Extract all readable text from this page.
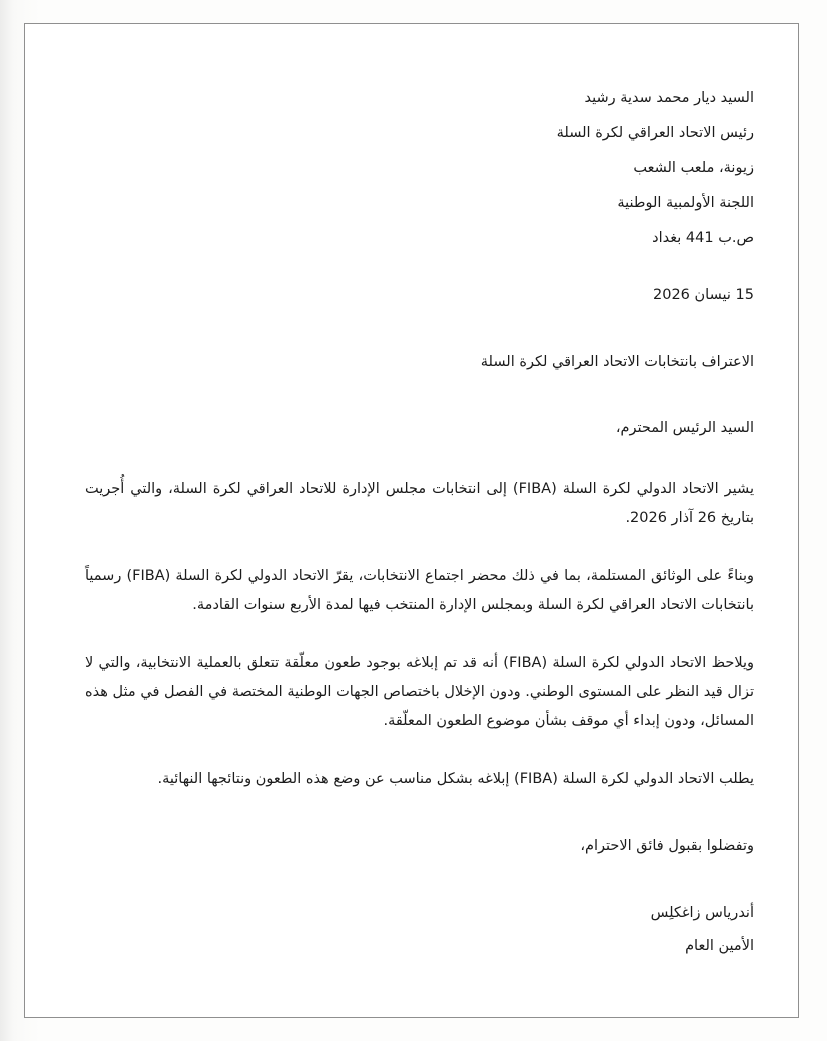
السيد ديار محمد سدية رشيد

رئيس الاتحاد العراقي لكرة السلة

زيونة، ملعب الشعب

اللجنة الأولمبية الوطنية

ص.ب 441 بغداد

15 نيسان 2026

الاعتراف بانتخابات الاتحاد العراقي لكرة السلة

السيد الرئيس المحترم،

يشير الاتحاد الدولي لكرة السلة (FIBA) إلى انتخابات مجلس الإدارة للاتحاد العراقي لكرة السلة، والتي أُجريت بتاريخ 26 آذار 2026.

وبناءً على الوثائق المستلمة، بما في ذلك محضر اجتماع الانتخابات، يقرّ الاتحاد الدولي لكرة السلة (FIBA) رسمياً بانتخابات الاتحاد العراقي لكرة السلة وبمجلس الإدارة المنتخب فيها لمدة الأربع سنوات القادمة.

ويلاحظ الاتحاد الدولي لكرة السلة (FIBA) أنه قد تم إبلاغه بوجود طعون معلّقة تتعلق بالعملية الانتخابية، والتي لا تزال قيد النظر على المستوى الوطني. ودون الإخلال باختصاص الجهات الوطنية المختصة في الفصل في مثل هذه المسائل، ودون إبداء أي موقف بشأن موضوع الطعون المعلّقة.

يطلب الاتحاد الدولي لكرة السلة (FIBA) إبلاغه بشكل مناسب عن وضع هذه الطعون ونتائجها النهائية.

وتفضلوا بقبول فائق الاحترام،

أندرياس زاغكلِس

الأمين العام
